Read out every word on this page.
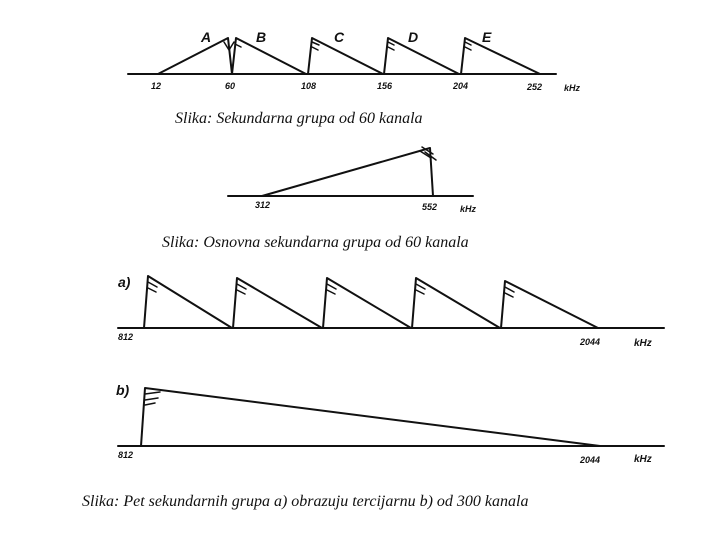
A	B	C	D	E
12	60	108	156	204	252 kHz
312	552	kHz
a)
812	2044	kHz
b)
812	2044	kHz
Slika: Sekundarna grupa od 60 kanala
Slika: Osnovna sekundarna grupa od 60 kanala
Slika: Pet sekundarnih grupa a) obrazuju tercijarnu b) od 300 kanala
